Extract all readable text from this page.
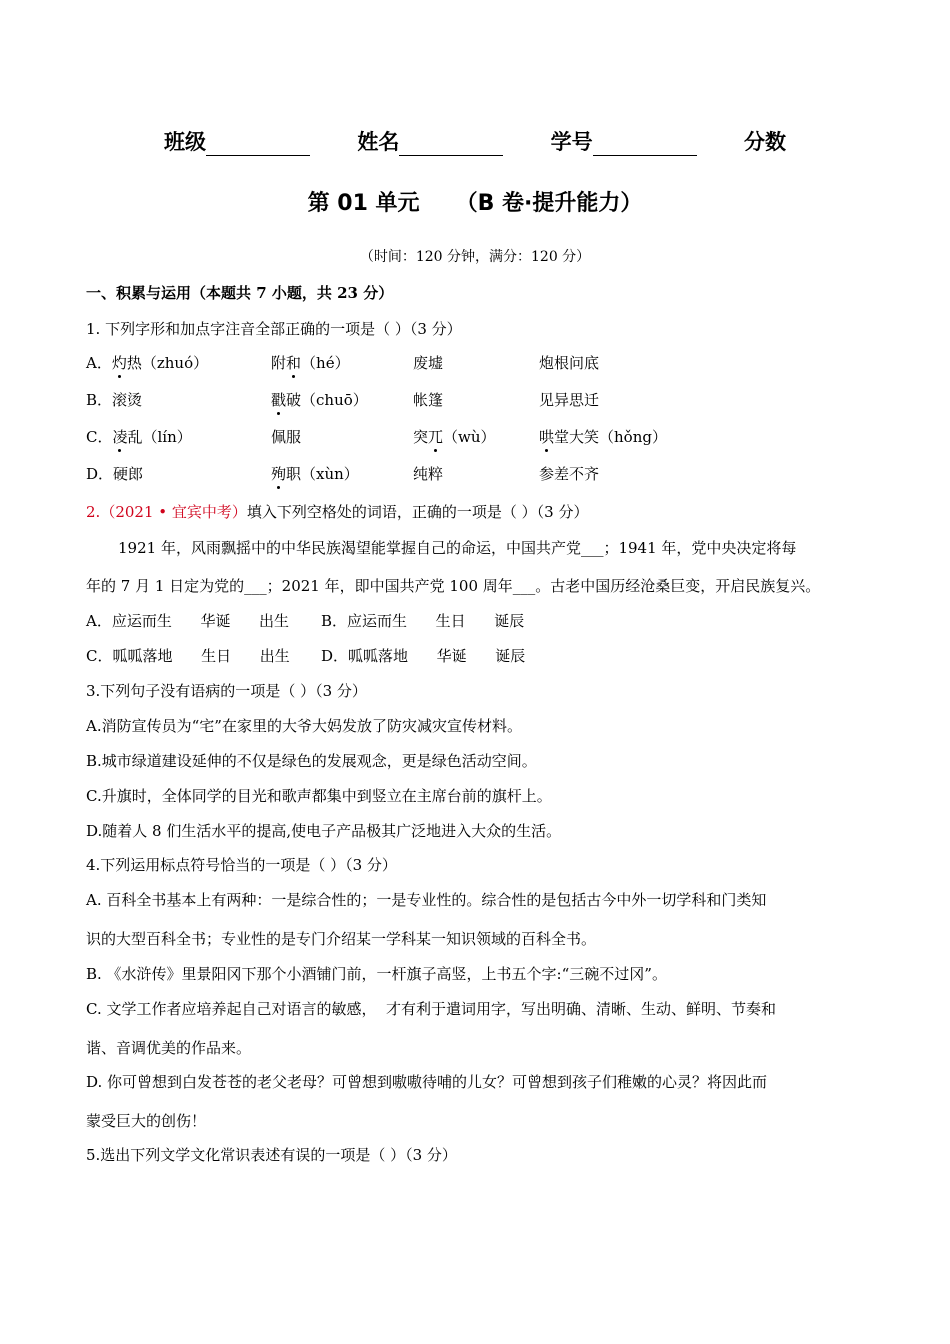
班级	姓名	学号	分数
第 01 单元 （B 卷·提升能力）
（时间：120 分钟，满分：120 分）
一、积累与运用（本题共 7 小题，共 23 分）
1. 下列字形和加点字注音全部正确的一项是（ ）（3 分）
A．灼热（zhuó）	附和（hé）	废墟	炮根问底
B．滚烫	戳破（chuō）	帐篷	见异思迁
C．凌乱（lín）	佩服	突兀（wù）	哄堂大笑（hǒng）
D．硬郎	殉职（xùn）	纯粹	参差不齐
2.（2021 • 宜宾中考）填入下列空格处的词语，正确的一项是（ ）（3 分）
1921 年，风雨飘摇中的中华民族渴望能掌握自己的命运，中国共产党___；1941 年，党中央决定将每
年的 7 月 1 日定为党的___；2021 年，即中国共产党 100 周年___。古老中国历经沧桑巨变，开启民族复兴。
A．应运而生      华诞      出生 B．应运而生      生日      诞辰
C．呱呱落地      生日      出生 D．呱呱落地      华诞      诞辰
3.下列句子没有语病的一项是（ ）（3 分）
A.消防宣传员为“宅”在家里的大爷大妈发放了防灾减灾宣传材料。
B.城市绿道建设延伸的不仅是绿色的发展观念，更是绿色活动空间。
C.升旗时，全体同学的目光和歌声都集中到竖立在主席台前的旗杆上。
D.随着人 8 们生活水平的提高,使电子产品极其广泛地进入大众的生活。
4.下列运用标点符号恰当的一项是（ ）（3 分）
A. 百科全书基本上有两种：一是综合性的；一是专业性的。综合性的是包括古今中外一切学科和门类知
识的大型百科全书；专业性的是专门介绍某一学科某一知识领域的百科全书。
B. 《水浒传》里景阳冈下那个小酒铺门前，一杆旗子高竖，上书五个字:“三碗不过冈”。
C. 文学工作者应培养起自己对语言的敏感，  才有利于遣词用字，写出明确、清晰、生动、鲜明、节奏和
谐、音调优美的作品来。
D. 你可曾想到白发苍苍的老父老母？可曾想到嗷嗷待哺的儿女？可曾想到孩子们稚嫩的心灵？将因此而
蒙受巨大的创伤！
5.选出下列文学文化常识表述有误的一项是（ ）（3 分）
